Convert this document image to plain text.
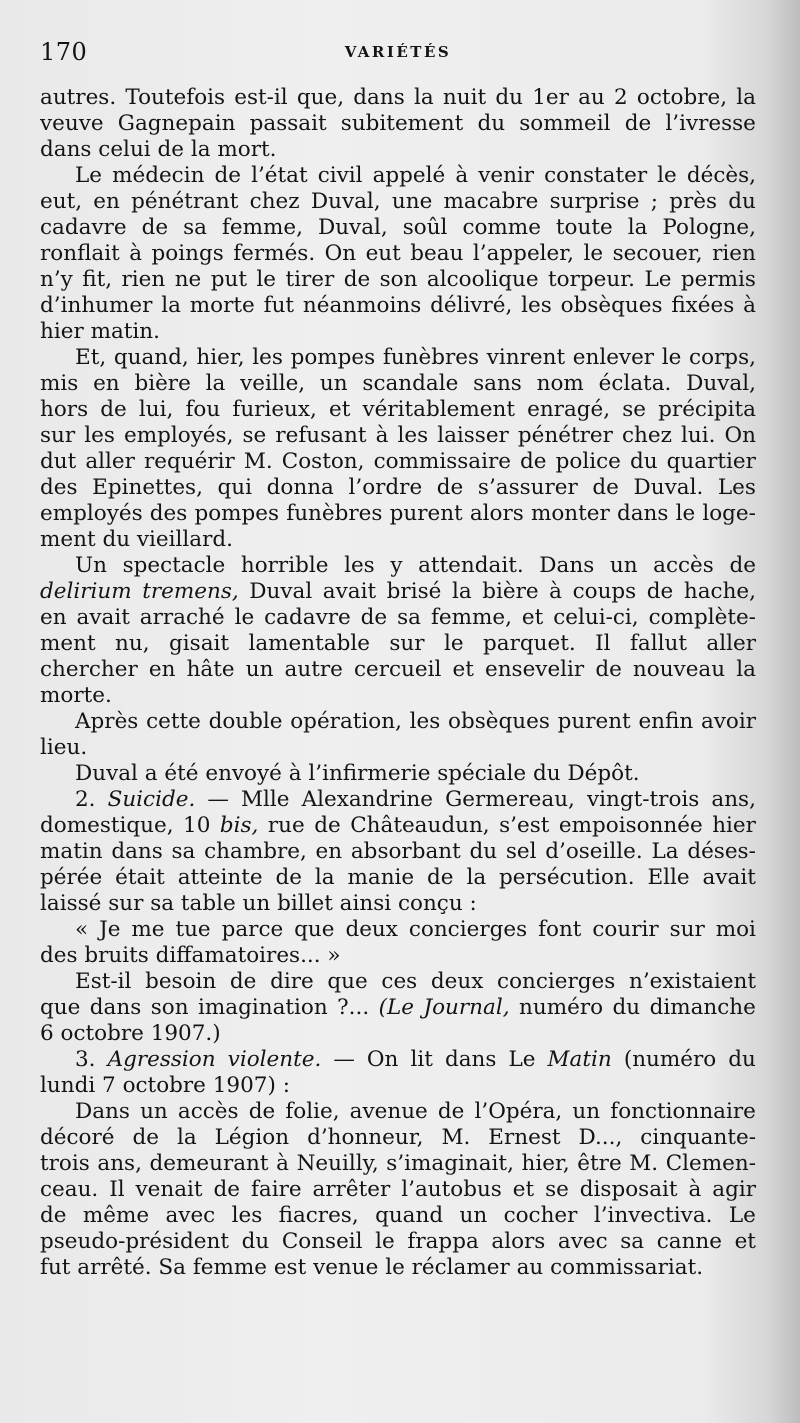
170	VARIÉTÉS
autres. Toutefois est-il que, dans la nuit du 1er au 2 octobre, la
veuve Gagnepain passait subitement du sommeil de l’ivresse
dans celui de la mort.
Le médecin de l’état civil appelé à venir constater le décès,
eut, en pénétrant chez Duval, une macabre surprise ; près du
cadavre de sa femme, Duval, soûl comme toute la Pologne,
ronflait à poings fermés. On eut beau l’appeler, le secouer, rien
n’y fit, rien ne put le tirer de son alcoolique torpeur. Le permis
d’inhumer la morte fut néanmoins délivré, les obsèques fixées à
hier matin.
Et, quand, hier, les pompes funèbres vinrent enlever le corps,
mis en bière la veille, un scandale sans nom éclata. Duval,
hors de lui, fou furieux, et véritablement enragé, se précipita
sur les employés, se refusant à les laisser pénétrer chez lui. On
dut aller requérir M. Coston, commissaire de police du quartier
des Epinettes, qui donna l’ordre de s’assurer de Duval. Les
employés des pompes funèbres purent alors monter dans le loge-
ment du vieillard.
Un spectacle horrible les y attendait. Dans un accès de
delirium tremens, Duval avait brisé la bière à coups de hache,
en avait arraché le cadavre de sa femme, et celui-ci, complète-
ment nu, gisait lamentable sur le parquet. Il fallut aller
chercher en hâte un autre cercueil et ensevelir de nouveau la
morte.
Après cette double opération, les obsèques purent enfin avoir
lieu.
Duval a été envoyé à l’infirmerie spéciale du Dépôt.
2. Suicide. — Mlle Alexandrine Germereau, vingt-trois ans,
domestique, 10 bis, rue de Châteaudun, s’est empoisonnée hier
matin dans sa chambre, en absorbant du sel d’oseille. La déses-
pérée était atteinte de la manie de la persécution. Elle avait
laissé sur sa table un billet ainsi conçu :
« Je me tue parce que deux concierges font courir sur moi
des bruits diffamatoires... »
Est-il besoin de dire que ces deux concierges n’existaient
que dans son imagination ?... (Le Journal, numéro du dimanche
6 octobre 1907.)
3. Agression violente. — On lit dans Le Matin (numéro du
lundi 7 octobre 1907) :
Dans un accès de folie, avenue de l’Opéra, un fonctionnaire
décoré de la Légion d’honneur, M. Ernest D..., cinquante-
trois ans, demeurant à Neuilly, s’imaginait, hier, être M. Clemen-
ceau. Il venait de faire arrêter l’autobus et se disposait à agir
de même avec les fiacres, quand un cocher l’invectiva. Le
pseudo-président du Conseil le frappa alors avec sa canne et
fut arrêté. Sa femme est venue le réclamer au commissariat.
